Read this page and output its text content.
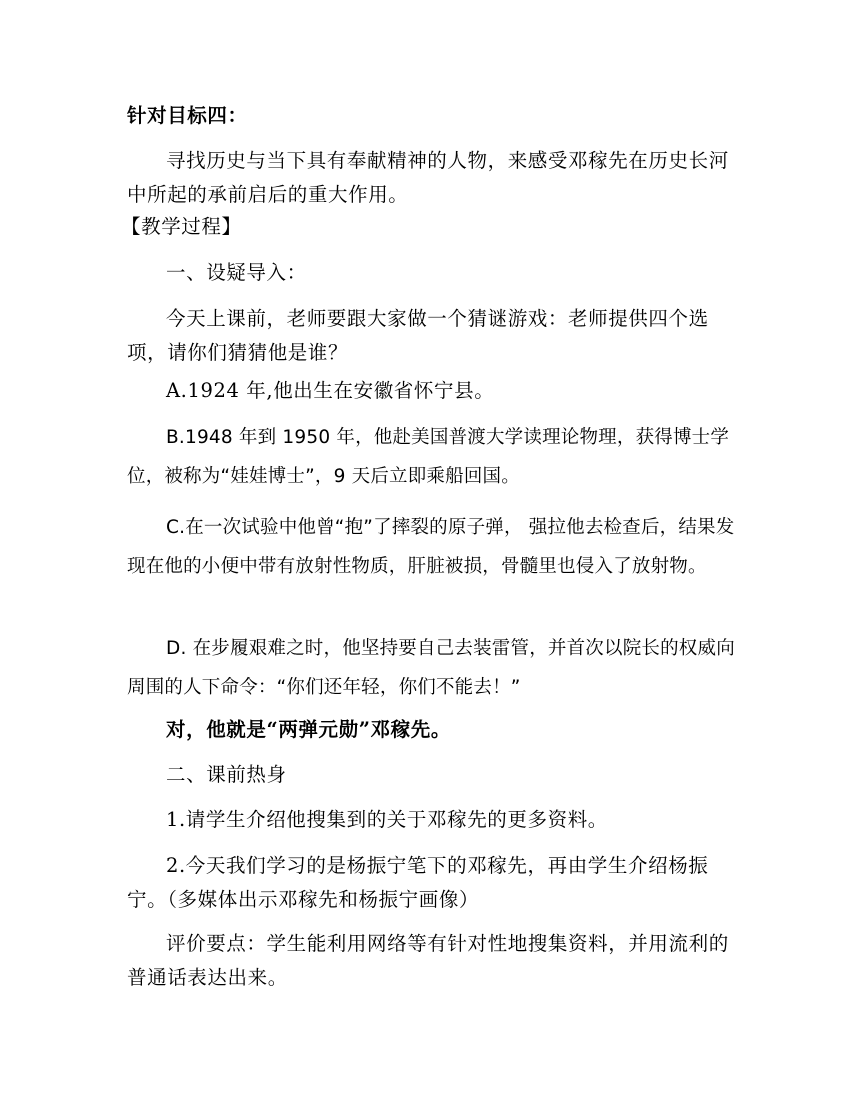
针对目标四：

寻找历史与当下具有奉献精神的人物，来感受邓稼先在历史长河中所起的承前启后的重大作用。

【教学过程】

一、设疑导入：

今天上课前，老师要跟大家做一个猜谜游戏：老师提供四个选项，请你们猜猜他是谁？

A.1924 年,他出生在安徽省怀宁县。

B.1948 年到 1950 年，他赴美国普渡大学读理论物理，获得博士学位，被称为“娃娃博士”，9 天后立即乘船回国。

C.在一次试验中他曾“抱”了摔裂的原子弹， 强拉他去检查后，结果发现在他的小便中带有放射性物质，肝脏被损，骨髓里也侵入了放射物。

D. 在步履艰难之时，他坚持要自己去装雷管，并首次以院长的权威向周围的人下命令：“你们还年轻，你们不能去！”

对，他就是“两弹元勋”邓稼先。

二、课前热身

1.请学生介绍他搜集到的关于邓稼先的更多资料。

2.今天我们学习的是杨振宁笔下的邓稼先，再由学生介绍杨振宁。（多媒体出示邓稼先和杨振宁画像）

评价要点：学生能利用网络等有针对性地搜集资料，并用流利的普通话表达出来。
